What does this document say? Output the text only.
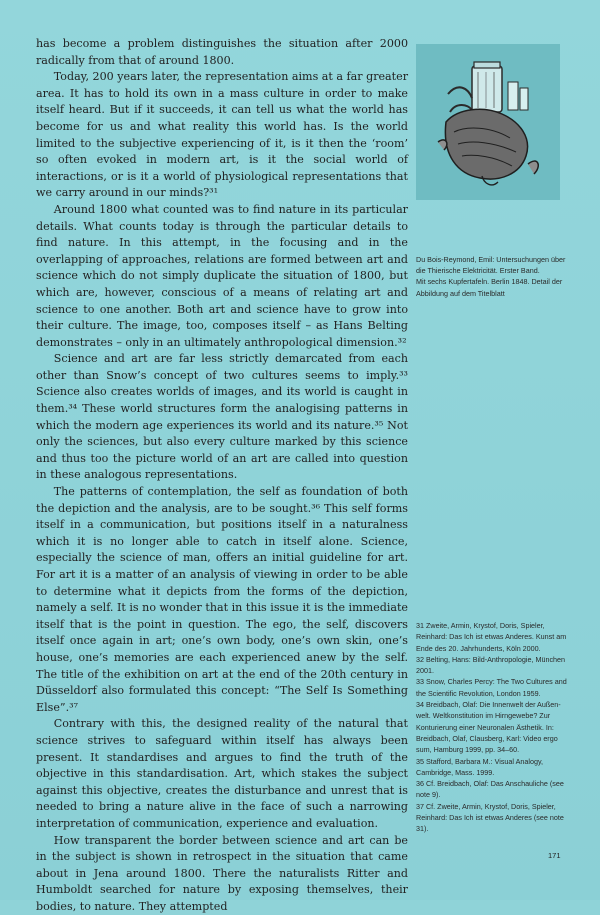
has become a problem distinguishes the situation after 2000 radically from that of around 1800.

Today, 200 years later, the representation aims at a far greater area. It has to hold its own in a mass culture in order to make itself heard. But if it succeeds, it can tell us what the world has become for us and what reality this world has. Is the world limited to the subjective experiencing of it, is it then the ‘room’ so often evoked in modern art, is it the social world of interactions, or is it a world of physiological representations that we carry around in our minds?³¹

Around 1800 what counted was to find nature in its particular details. What counts today is through the particular details to find nature. In this attempt, in the focusing and in the overlapping of approaches, relations are formed between art and science which do not simply duplicate the situation of 1800, but which are, however, conscious of a means of relating art and science to one another. Both art and science have to grow into their culture. The image, too, composes itself – as Hans Belting demonstrates – only in an ultimately anthropological dimension.³²

Science and art are far less strictly demarcated from each other than Snow’s concept of two cultures seems to imply.³³ Science also creates worlds of images, and its world is caught in them.³⁴ These world structures form the analogising patterns in which the modern age experiences its world and its nature.³⁵ Not only the sciences, but also every culture marked by this science and thus too the picture world of an art are called into question in these analogous representations.

The patterns of contemplation, the self as foundation of both the depiction and the analysis, are to be sought.³⁶ This self forms itself in a communication, but positions itself in a naturalness which it is no longer able to catch in itself alone. Science, especially the science of man, offers an initial guideline for art. For art it is a matter of an analysis of viewing in order to be able to determine what it depicts from the forms of the depiction, namely a self. It is no wonder that in this issue it is the immediate itself that is the point in question. The ego, the self, discovers itself once again in art; one’s own body, one’s own skin, one’s house, one’s memories are each experienced anew by the self. The title of the exhibition on art at the end of the 20th century in Düsseldorf also formulated this concept: “The Self Is Something Else”.³⁷

Contrary with this, the designed reality of the natural that science strives to safeguard within itself has always been present. It standardises and argues to find the truth of the objective in this standardisation. Art, which stakes the subject against this objective, creates the disturbance and unrest that is needed to bring a nature alive in the face of such a narrowing interpretation of communication, experience and evaluation.

How transparent the border between science and art can be in the subject is shown in retrospect in the situation that came about in Jena around 1800. There the naturalists Ritter and Humboldt searched for nature by exposing themselves, their bodies, to nature. They attempted

Du Bois-Reymond, Emil: Untersuchungen über
die Thierische Elektricität. Erster Band.
Mit sechs Kupfertafeln. Berlin 1848. Detail der
Abbildung auf dem Titelblatt
31 Zweite, Armin, Krystof, Doris, Spieler, Reinhard: Das Ich ist etwas Anderes. Kunst am Ende des 20. Jahrhunderts, Köln 2000.
32 Belting, Hans: Bild-Anthropologie, München 2001.
33 Snow, Charles Percy: The Two Cultures and the Scientific Revolution, London 1959.
34 Breidbach, Olaf: Die Innenwelt der Außen-welt. Weltkonstitution im Hirngewebe? Zur Konturierung einer Neuronalen Ästhetik. In: Breidbach, Olaf, Clausberg, Karl: Video ergo sum, Hamburg 1999, pp. 34–60.
35 Stafford, Barbara M.: Visual Analogy, Cambridge, Mass. 1999.
36 Cf. Breidbach, Olaf: Das Anschauliche (see note 9).
37 Cf. Zweite, Armin, Krystof, Doris, Spieler, Reinhard: Das Ich ist etwas Anderes (see note 31).
171
